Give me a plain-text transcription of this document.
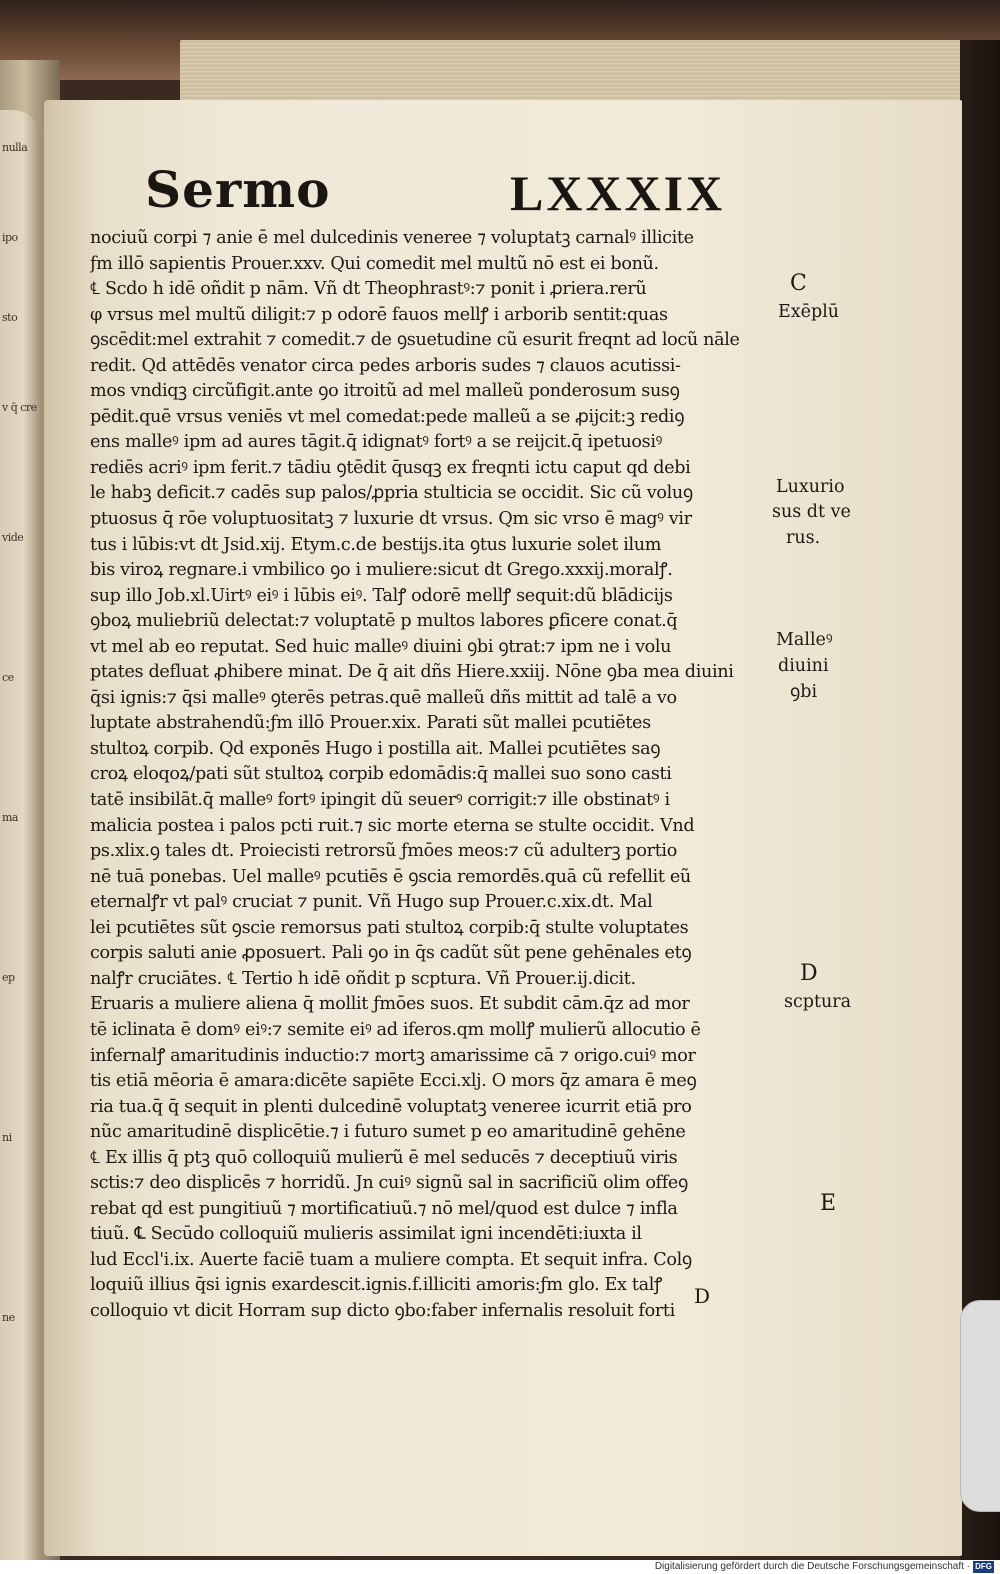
nulla
ipo
sto
v q̄ cre
vide
ce
ma
ep
ni
ne
Sermo	LXXXIX
nociuũ corpi ⁊ anie ē mel dulcedinis venereе ⁊ voluptatꝫ carnalꝰ illicite
ƒm illō sapientis Prouer.xxv. Qui comedit mel multũ nō est ei bonũ.
℄ Scdo h idē oñdit p nām. Vñ dt Theophrastꝰ:⁊ ponit i ꝓriera.rerũ
φ vrsus mel multũ diligit:⁊ p odorē fauos mellꝭ i arborib sentit:quas
ꝯscēdit:mel extrahit ⁊ comedit.⁊ de ꝯsuetudine cũ esurit freqnt ad locũ nāle
redit. Qd attēdēs venator circa pedes arboris sudes ⁊ clauos acutissi-
mos vndiqꝫ circũfigit.ante ꝯo itroitũ ad mel malleũ ponderosum susꝯ
pēdit.quē vrsus veniēs vt mel comedat:pede malleũ a se ꝓijcit:ꝫ rediꝯ
ens malleꝰ ipm ad aures tāgit.q̄ idignatꝰ fortꝰ a se reijcit.q̄ ipetuosiꝰ
rediēs acriꝰ ipm ferit.⁊ tādiu ꝯtēdit q̄usqꝫ ex freqnti ictu caput qd debi
le habꝫ deficit.⁊ cadēs sup palos/ꝓpria stulticia se occidit. Sic cũ voluꝯ
ptuosus q̄ rōe voluptuositatꝫ ⁊ luxurie dt vrsus. Qm sic vrso ē magꝰ vir
tus i lūbis:vt dt Jsid.xij. Etym.c.de bestijs.ita ꝯtus luxurie solet ilum
bis viroꝝ regnare.i vmbilico ꝯo i muliere:sicut dt Grego.xxxij.moralꝭ.
sup illo Job.xl.Uirtꝰ eiꝰ i lūbis eiꝰ. Talꝭ odorē mellꝭ sequit:dũ blādicijs
ꝯboꝝ muliebriũ delectat:⁊ voluptatē p multos labores ꝑficere conat.q̄
vt mel ab eo reputat. Sed huic malleꝰ diuini ꝯbi ꝯtrat:⁊ ipm ne i volu
ptates defluat ꝓhibere minat. De q̄ ait dñs Hiere.xxiij. Nōne ꝯba mea diuini
q̄si ignis:⁊ q̄si malleꝰ ꝯterēs petras.quē malleũ dñs mittit ad talē a vo
luptate abstrahendũ:ƒm illō Prouer.xix. Parati sũt mallei pcutiētes
stultoꝝ corpib. Qd exponēs Hugo i postilla ait. Mallei pcutiētes saꝯ
croꝝ eloqoꝝ/pati sũt stultoꝝ corpib edomādis:q̄ mallei suo sono casti
tatē insibilāt.q̄ malleꝰ fortꝰ ipingit dũ seuerꝰ corrigit:⁊ ille obstinatꝰ i
malicia postea i palos pcti ruit.⁊ sic morte eterna se stulte occidit. Vnd
ps.xlix.ꝯ tales dt. Proiecisti retrorsũ ƒmōes meos:⁊ cũ adulterꝫ portio
nē tuā ponebas. Uel malleꝰ pcutiēs ē ꝯscia remordēs.quā cũ refellit eũ
eternalꝭr vt palꝰ cruciat ⁊ punit. Vñ Hugo sup Prouer.c.xix.dt. Mal
lei pcutiētes sũt ꝯscie remorsus pati stultoꝝ corpib:q̄ stulte voluptates
corpis saluti anie ꝓposuert. Pali ꝯo in q̄s cadũt sũt pene gehēnales etꝯ
nalꝭr cruciātes. ℄ Tertio h idē oñdit p scptura. Vñ Prouer.ij.dicit.
Eruaris a muliere aliena q̄ mollit ƒmōes suos. Et subdit cām.q̄z ad mor
tē iclinata ē domꝰ eiꝰ:⁊ semite eiꝰ ad iferos.qm mollꝭ mulierũ allocutio ē
infernalꝭ amaritudinis inductio:⁊ mortꝫ amarissime cā ⁊ origo.cuiꝰ mor
tis etiā mēoria ē amara:dicēte sapiēte Ecci.xlj. O mors q̄z amara ē meꝯ
ria tua.q̄ q̄ sequit in plenti dulcedinē voluptatꝫ venereе icurrit etiā pro
nũc amaritudinē displicētie.⁊ i futuro sumet p eo amaritudinē gehēne
℄ Ex illis q̄ ptꝫ quō colloquiũ mulierũ ē mel seducēs ⁊ deceptiuũ viris
sctis:⁊ deo displicēs ⁊ horridũ. Jn cuiꝰ signũ sal in sacrificiũ olim offeꝯ
rebat qd est pungitiuũ ⁊ mortificatiuũ.⁊ nō mel/quod est dulce ⁊ infla
tiuũ. ℄ Secūdo colloquiũ mulieris assimilat igni incendēti:iuxta il
lud Eccl'i.ix. Auerte faciē tuam a muliere compta. Et sequit infra. Colꝯ
loquiũ illius q̄si ignis exardescit.ignis.f.illiciti amoris:ƒm glo. Ex talꝭ
colloquio vt dicit Horram sup dicto ꝯbo:faber infernalis resoluit forti
C
Exēplū
Luxurio
sus dt ve
rus.
Malleꝰ
diuini
ꝯbi
D
scptura
E
D
Digitalisierung gefördert durch die Deutsche Forschungsgemeinschaft · DFG
